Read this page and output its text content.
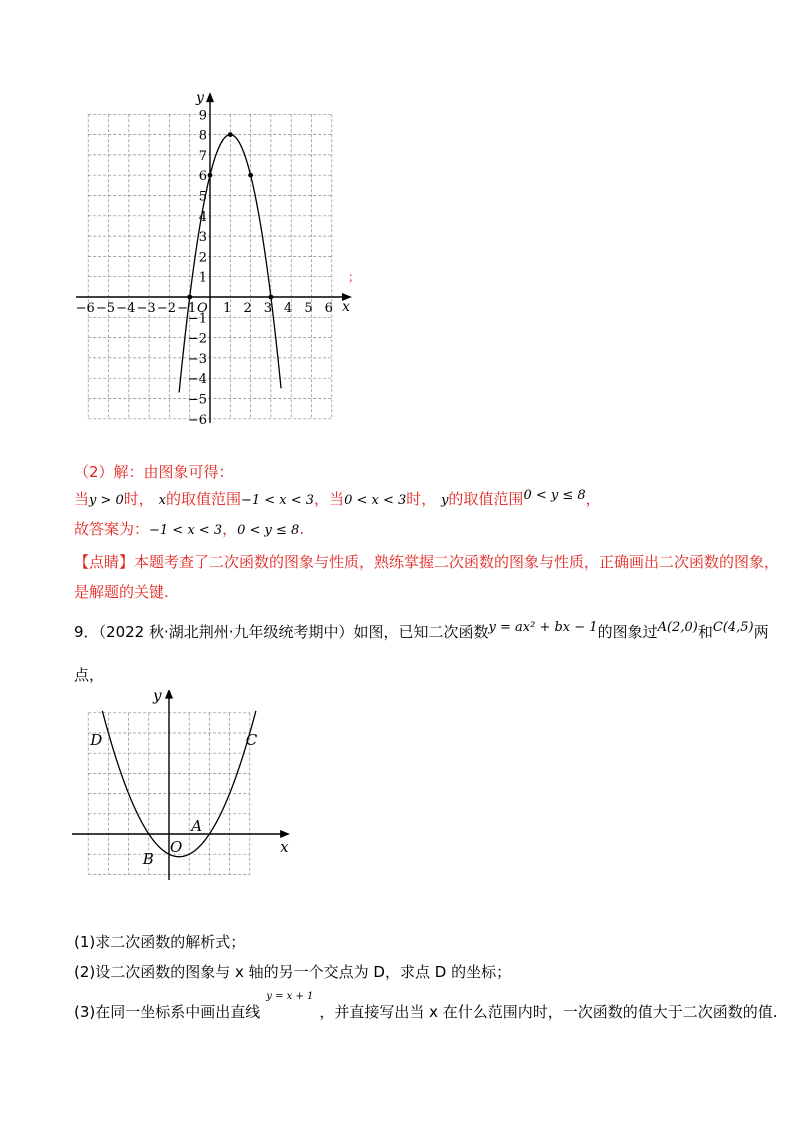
−6 −5 −4 −3 −2 −1 1 2 3 4 5 6
9
8
7
6
5
4
3
2
1
−1
−2
−3
−4
−5
−6
y
x
O
；
（2）解：由图象可得：
当y > 0时， x的取值范围−1 < x < 3，当0 < x < 3时， y的取值范围0 < y ≤ 8，
故答案为：−1 < x < 3，0 < y ≤ 8.
【点睛】本题考查了二次函数的图象与性质，熟练掌握二次函数的图象与性质，正确画出二次函数的图象，
是解题的关键.
9．（2022 秋·湖北荆州·九年级统考期中）如图，已知二次函数y = ax² + bx − 1的图象过A(2,0)和C(4,5)两
点，
y
x
O
A
B
C
D
(1)求二次函数的解析式；
(2)设二次函数的图象与 x 轴的另一个交点为 D，求点 D 的坐标；
(3)在同一坐标系中画出直线$^{y = x + 1}$，并直接写出当 x 在什么范围内时，一次函数的值大于二次函数的值.
